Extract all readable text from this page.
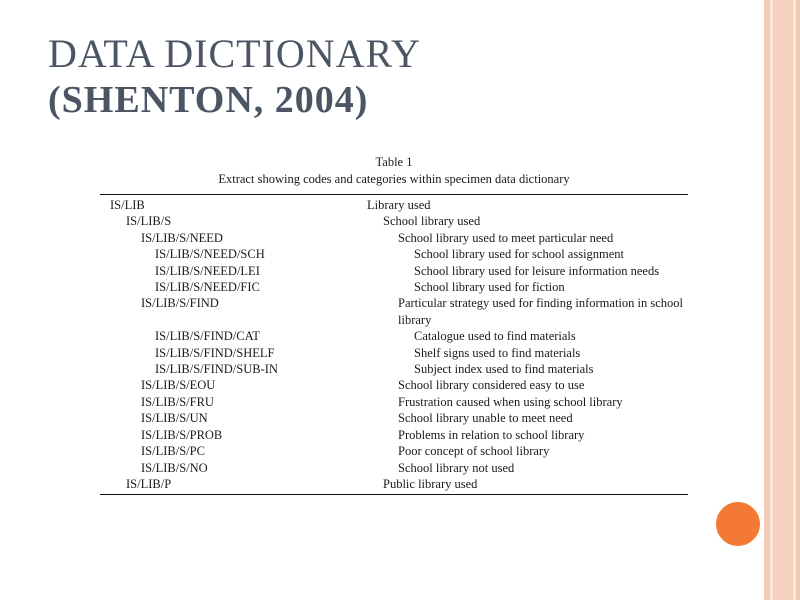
DATA DICTIONARY
(SHENTON, 2004)
Table 1
Extract showing codes and categories within specimen data dictionary
IS/LIB	Library used
IS/LIB/S	School library used
IS/LIB/S/NEED	School library used to meet particular need
IS/LIB/S/NEED/SCH	School library used for school assignment
IS/LIB/S/NEED/LEI	School library used for leisure information needs
IS/LIB/S/NEED/FIC	School library used for fiction
IS/LIB/S/FIND	Particular strategy used for finding information in school library
IS/LIB/S/FIND/CAT	Catalogue used to find materials
IS/LIB/S/FIND/SHELF	Shelf signs used to find materials
IS/LIB/S/FIND/SUB-IN	Subject index used to find materials
IS/LIB/S/EOU	School library considered easy to use
IS/LIB/S/FRU	Frustration caused when using school library
IS/LIB/S/UN	School library unable to meet need
IS/LIB/S/PROB	Problems in relation to school library
IS/LIB/S/PC	Poor concept of school library
IS/LIB/S/NO	School library not used
IS/LIB/P	Public library used
